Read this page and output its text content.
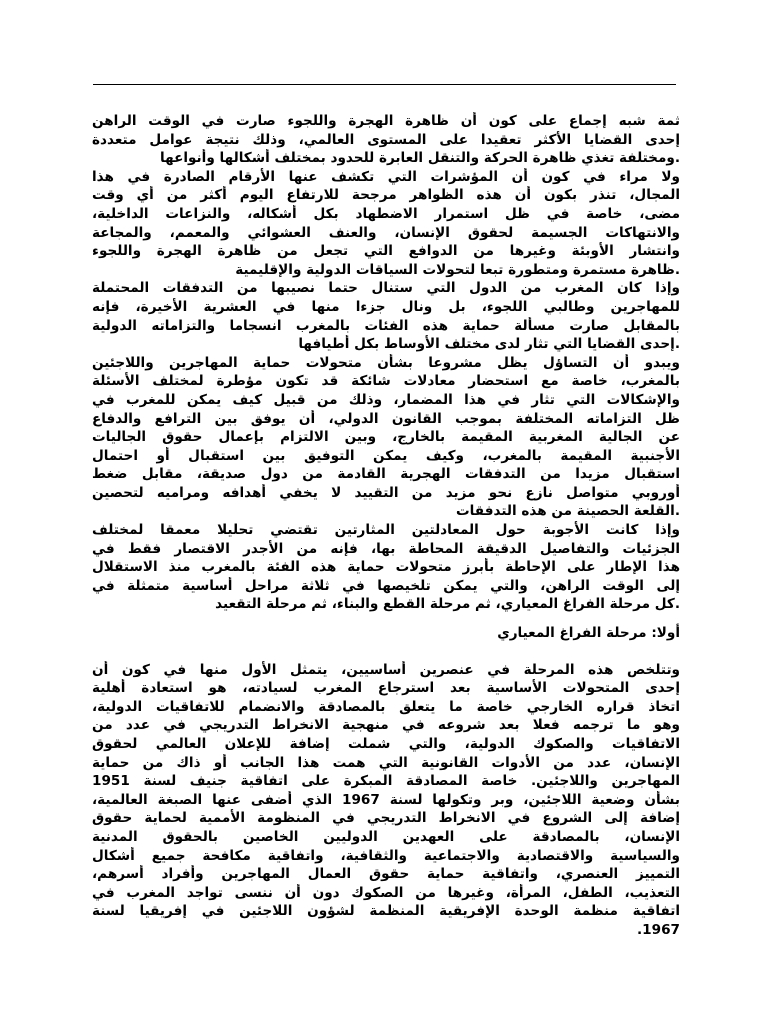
ثمة شبه إجماع على كون أن ظاهرة الهجرة واللجوء صارت في الوقت الراهن
إحدى القضايا الأكثر تعقيدا على المستوى العالمي، وذلك نتيجة عوامل متعددة
.ومختلفة تغذي ظاهرة الحركة والتنقل العابرة للحدود بمختلف أشكالها وأنواعها
ولا مراء في كون أن المؤشرات التي تكشف عنها الأرقام الصادرة في هذا
المجال، تنذر بكون أن هذه الظواهر مرجحة للارتفاع اليوم أكثر من أي وقت
مضى، خاصة في ظل استمرار الاضطهاد بكل أشكاله، والنزاعات الداخلية،
والانتهاكات الجسيمة لحقوق الإنسان، والعنف العشوائي والمعمم، والمجاعة
وانتشار الأوبئة وغيرها من الدوافع التي تجعل من ظاهرة الهجرة واللجوء
.ظاهرة مستمرة ومتطورة تبعا لتحولات السياقات الدولية والإقليمية
وإذا كان المغرب من الدول التي ستنال حتما نصيبها من التدفقات المحتملة
للمهاجرين وطالبي اللجوء، بل ونال جزءا منها في العشرية الأخيرة، فإنه
بالمقابل صارت مسألة حماية هذه الفئات بالمغرب انسجاما والتزاماته الدولية
.إحدى القضايا التي تثار لدى مختلف الأوساط بكل أطيافها
ويبدو أن التساؤل يظل مشروعا بشأن متحولات حماية المهاجرين واللاجئين
بالمغرب، خاصة مع استحضار معادلات شائكة قد تكون مؤطرة لمختلف الأسئلة
والإشكالات التي تثار في هذا المضمار، وذلك من قبيل كيف يمكن للمغرب في
ظل التزاماته المختلفة بموجب القانون الدولي، أن يوفق بين الترافع والدفاع
عن الجالية المغربية المقيمة بالخارج، وبين الالتزام بإعمال حقوق الجاليات
الأجنبية المقيمة بالمغرب، وكيف يمكن التوفيق بين استقبال أو احتمال
استقبال مزيدا من التدفقات الهجرية القادمة من دول صديقة، مقابل ضغط
أوروبي متواصل نازع نحو مزيد من التقييد لا يخفي أهدافه ومراميه لتحصين
.القلعة الحصينة من هذه التدفقات
وإذا كانت الأجوبة حول المعادلتين المثارتين تقتضي تحليلا معمقا لمختلف
الجزئيات والتفاصيل الدقيقة المحاطة بها، فإنه من الأجدر الاقتصار فقط في
هذا الإطار على الإحاطة بأبرز متحولات حماية هذه الفئة بالمغرب منذ الاستقلال
إلى الوقت الراهن، والتي يمكن تلخيصها في ثلاثة مراحل أساسية متمثلة في
.كل مرحلة الفراغ المعياري، ثم مرحلة القطع والبناء، ثم مرحلة التقعيد
أولا: مرحلة الفراغ المعياري
وتتلخص هذه المرحلة في عنصرين أساسيين، يتمثل الأول منها في كون أن
إحدى المتحولات الأساسية بعد استرجاع المغرب لسيادته، هو استعادة أهلية
اتخاذ قراره الخارجي خاصة ما يتعلق بالمصادقة والانضمام للاتفاقيات الدولية،
وهو ما ترجمه فعلا بعد شروعه في منهجية الانخراط التدريجي في عدد من
الاتفاقيات والصكوك الدولية، والتي شملت إضافة للإعلان العالمي لحقوق
الإنسان، عدد من الأدوات القانونية التي همت هذا الجانب أو ذاك من حماية
المهاجرين واللاجئين. خاصة المصادقة المبكرة على اتفاقية جنيف لسنة 1951
بشأن وضعية اللاجئين، وبر وتكولها لسنة 1967 الذي أضفى عنها الصبغة العالمية،
إضافة إلى الشروع في الانخراط التدريجي في المنظومة الأممية لحماية حقوق
الإنسان، بالمصادقة على العهدين الدوليين الخاصين بالحقوق المدنية
والسياسية والاقتصادية والاجتماعية والثقافية، واتفاقية مكافحة جميع أشكال
التمييز العنصري، واتفاقية حماية حقوق العمال المهاجرين وأفراد أسرهم،
التعذيب، الطفل، المرأة، وغيرها من الصكوك دون أن ننسى تواجد المغرب في
اتفاقية منظمة الوحدة الإفريقية المنظمة لشؤون اللاجئين في إفريقيا لسنة
.1967
